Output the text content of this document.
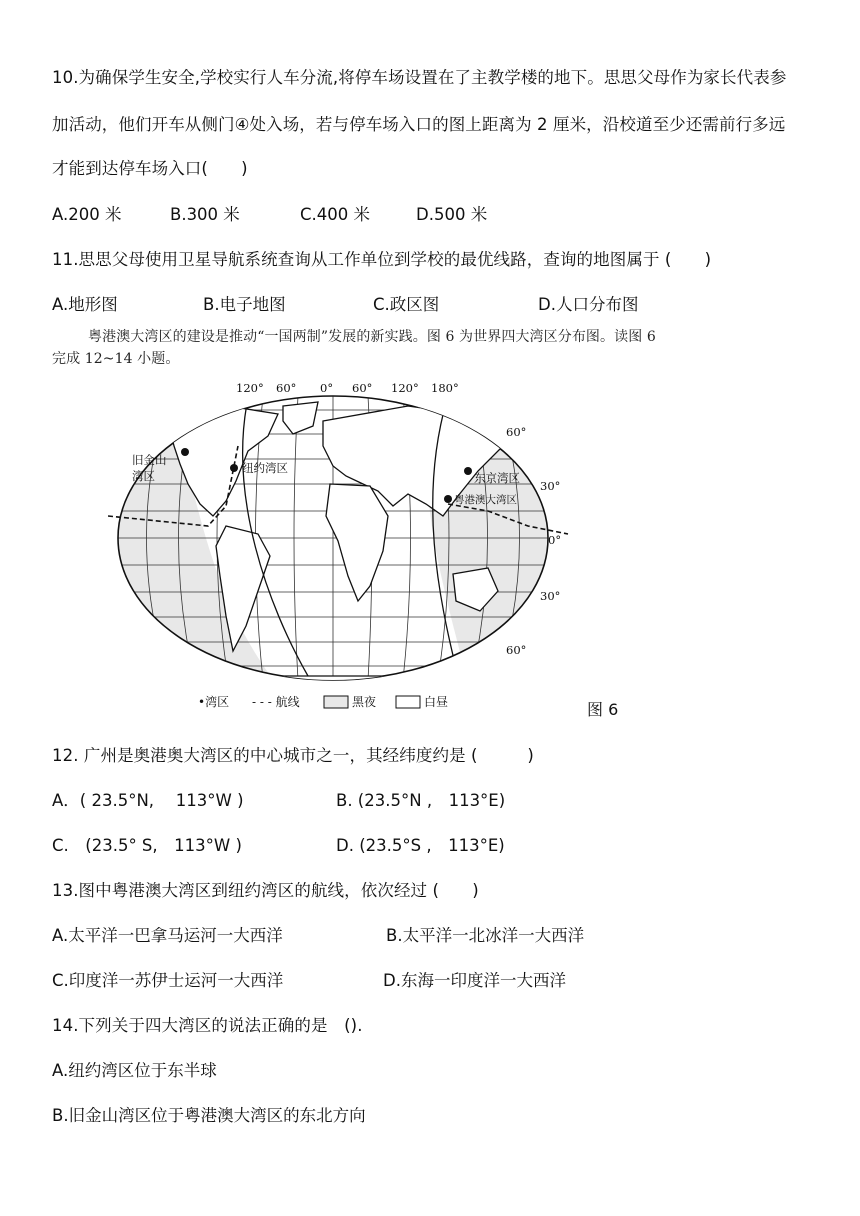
10.为确保学生安全,学校实行人车分流,将停车场设置在了主教学楼的地下。思思父母作为家长代表参
加活动，他们开车从侧门④处入场，若与停车场入口的图上距离为 2 厘米，沿校道至少还需前行多远
才能到达停车场入口(　　)
A.200 米	B.300 米	C.400 米	D.500 米
11.思思父母使用卫星导航系统查询从工作单位到学校的最优线路，查询的地图属于 (　　)
A.地形图	B.电子地图	C.政区图	D.人口分布图
粤港澳大湾区的建设是推动“一国两制”发展的新实践。图 6 为世界四大湾区分布图。读图 6
完成 12~14 小题。
120° 60° 0° 60° 120° 180°
60°
30°
0°
30°
60°
旧金山
湾区
纽约湾区
东京湾区
粤港澳大湾区
•湾区 - - - 航线	黑夜	白昼	图 6
12. 广州是奥港奥大湾区的中心城市之一，其经纬度约是 (　　　)
A．( 23.5°N,　 113°W )	B. (23.5°N ,　113°E)
C.　(23.5° S,　113°W )	D. (23.5°S ,　113°E)
13.图中粤港澳大湾区到纽约湾区的航线，依次经过 (　　)
A.太平洋一巴拿马运河一大西洋	B.太平洋一北冰洋一大西洋
C.印度洋一苏伊士运河一大西洋	D.东海一印度洋一大西洋
14.下列关于四大湾区的说法正确的是　().
A.纽约湾区位于东半球
B.旧金山湾区位于粤港澳大湾区的东北方向
